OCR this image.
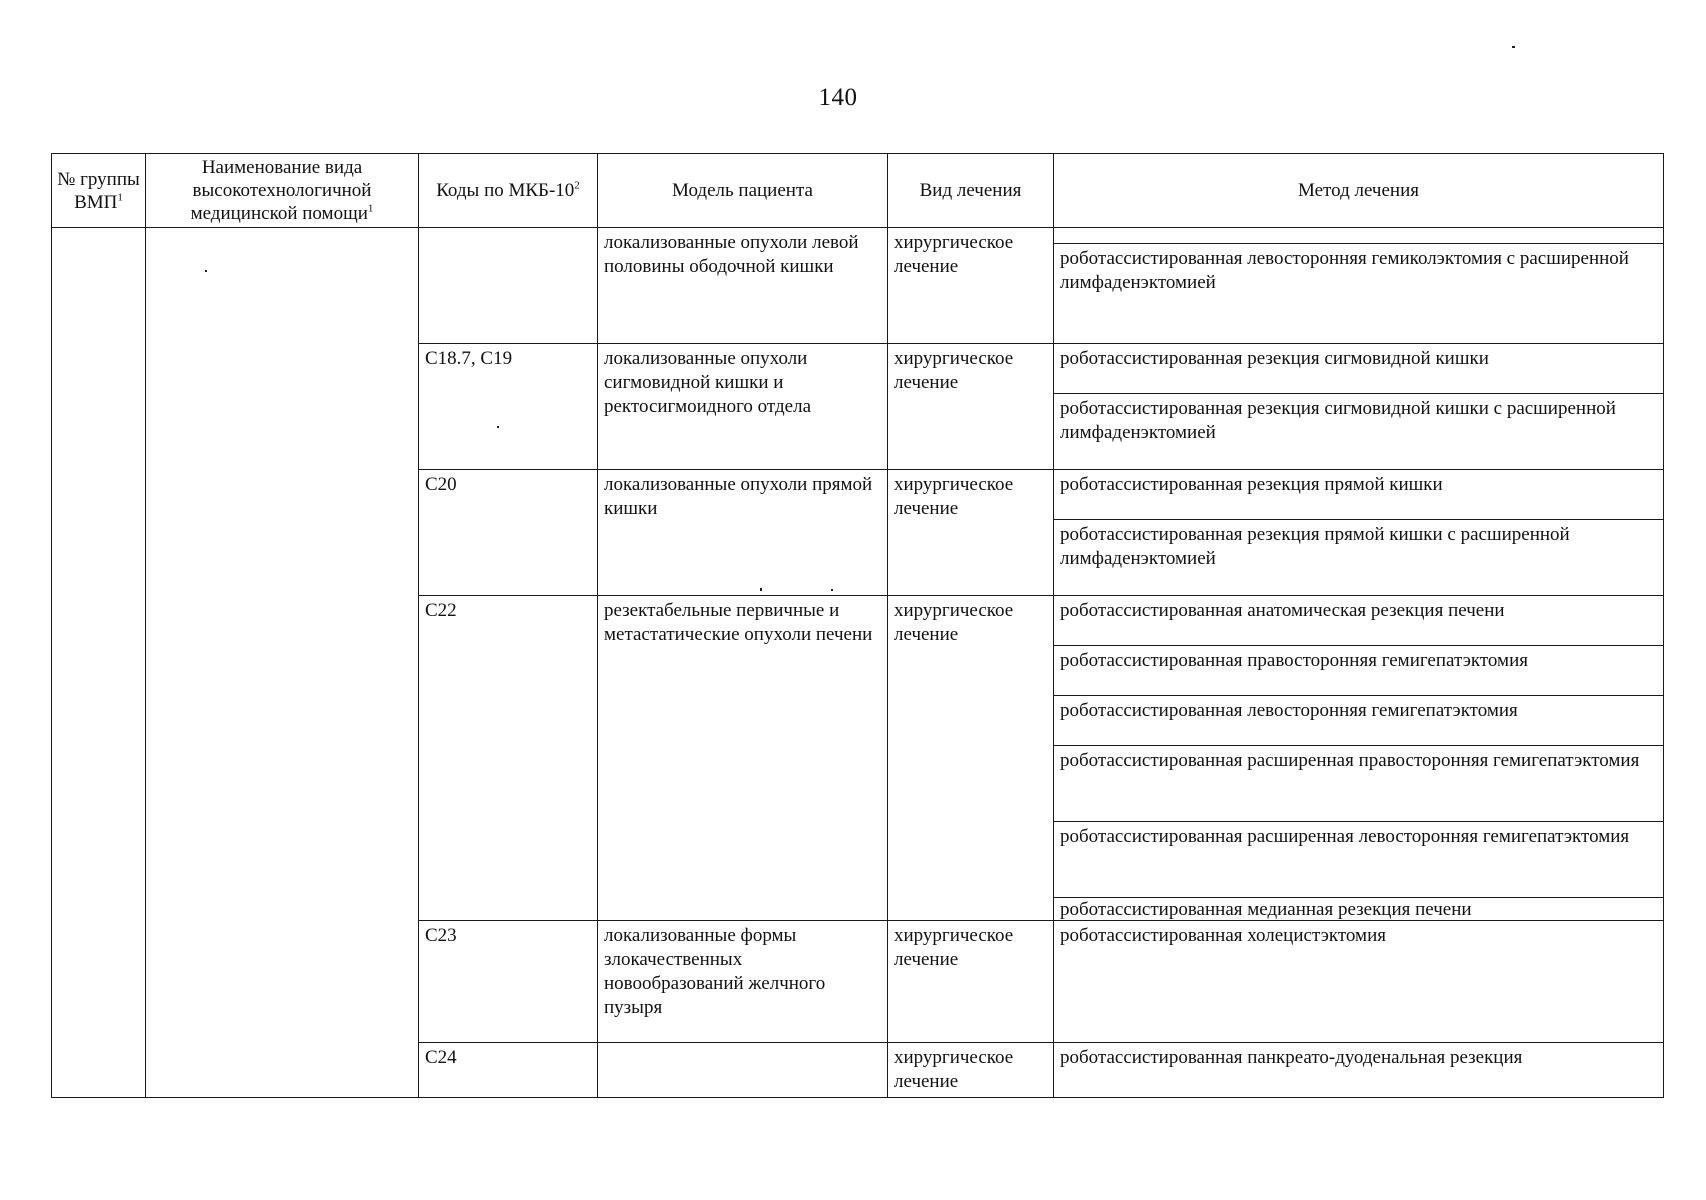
140
№ группы ВМП$^1$	Наименование вида высокотехнологичной медицинской помощи$^1$	Коды по МКБ-$10^2$	Модель пациента	Вид лечения	Метод лечения
			локализованные опухоли левой половины ободочной кишки	хирургическое лечение	
					роботассистированная левосторонняя гемиколэктомия с расширенной лимфаденэктомией
		C18.7, C19	локализованные опухоли сигмовидной кишки и ректосигмоидного отдела	хирургическое лечение	роботассистированная резекция сигмовидной кишки
					роботассистированная резекция сигмовидной кишки с расширенной лимфаденэктомией
		C20	локализованные опухоли прямой кишки	хирургическое лечение	роботассистированная резекция прямой кишки
					роботассистированная резекция прямой кишки с расширенной лимфаденэктомией
		C22	резектабельные первичные и метастатические опухоли печени	хирургическое лечение	роботассистированная анатомическая резекция печени
					роботассистированная правосторонняя гемигепатэктомия
					роботассистированная левосторонняя гемигепатэктомия
					роботассистированная расширенная правосторонняя гемигепатэктомия
					роботассистированная расширенная левосторонняя гемигепатэктомия
					роботассистированная медианная резекция печени
		C23	локализованные формы злокачественных новообразований желчного пузыря	хирургическое лечение	роботассистированная холецистэктомия
		C24		хирургическое лечение	роботассистированная панкреато-дуоденальная резекция
